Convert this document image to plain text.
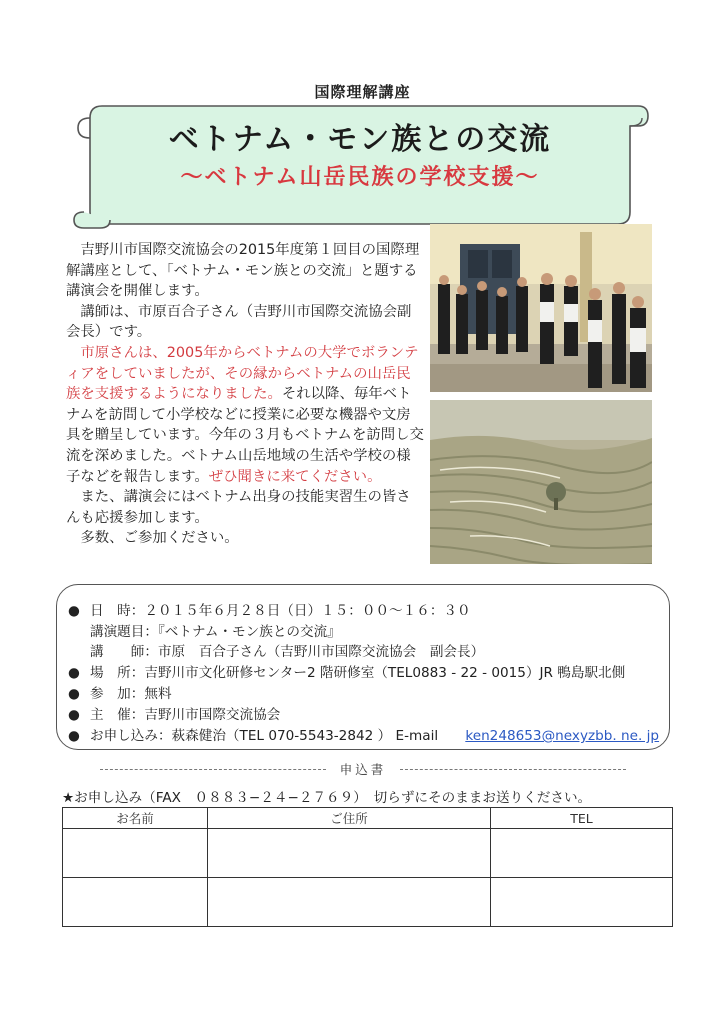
国際理解講座
ベトナム・モン族との交流
〜ベトナム山岳民族の学校支援〜

吉野川市国際交流協会の2015年度第１回目の国際理解講座として、「ベトナム・モン族との交流」と題する講演会を開催します。

講師は、市原百合子さん（吉野川市国際交流協会副会長）です。

市原さんは、2005年からベトナムの大学でボランティアをしていましたが、その縁からベトナムの山岳民族を支援するようになりました。それ以降、毎年ベトナムを訪問して小学校などに授業に必要な機器や文房具を贈呈しています。今年の３月もベトナムを訪問し交流を深めました。ベトナム山岳地域の生活や学校の様子などを報告します。ぜひ聞きに来てください。

また、講演会にはベトナム出身の技能実習生の皆さんも応援参加します。

多数、ご参加ください。

● 日　時：２０１５年６月２８日（日）１５：００〜１６：３０
講演題目：『ベトナム・モン族との交流』
講　　師：市原　百合子さん（吉野川市国際交流協会　副会長）
● 場　所：吉野川市文化研修センター2 階研修室（TEL0883 - 22 - 0015）JR 鴨島駅北側
● 参　加：無料
● 主　催：吉野川市国際交流協会
● お申し込み：萩森健治（TEL 070-5543-2842 ） E-mail　　 ken248653@nexyzbb. ne. jp
申込書
★お申し込み（FAX　０８８３−２４−２７６９）　切らずにそのままお送りください。
お名前	ご住所	TEL
